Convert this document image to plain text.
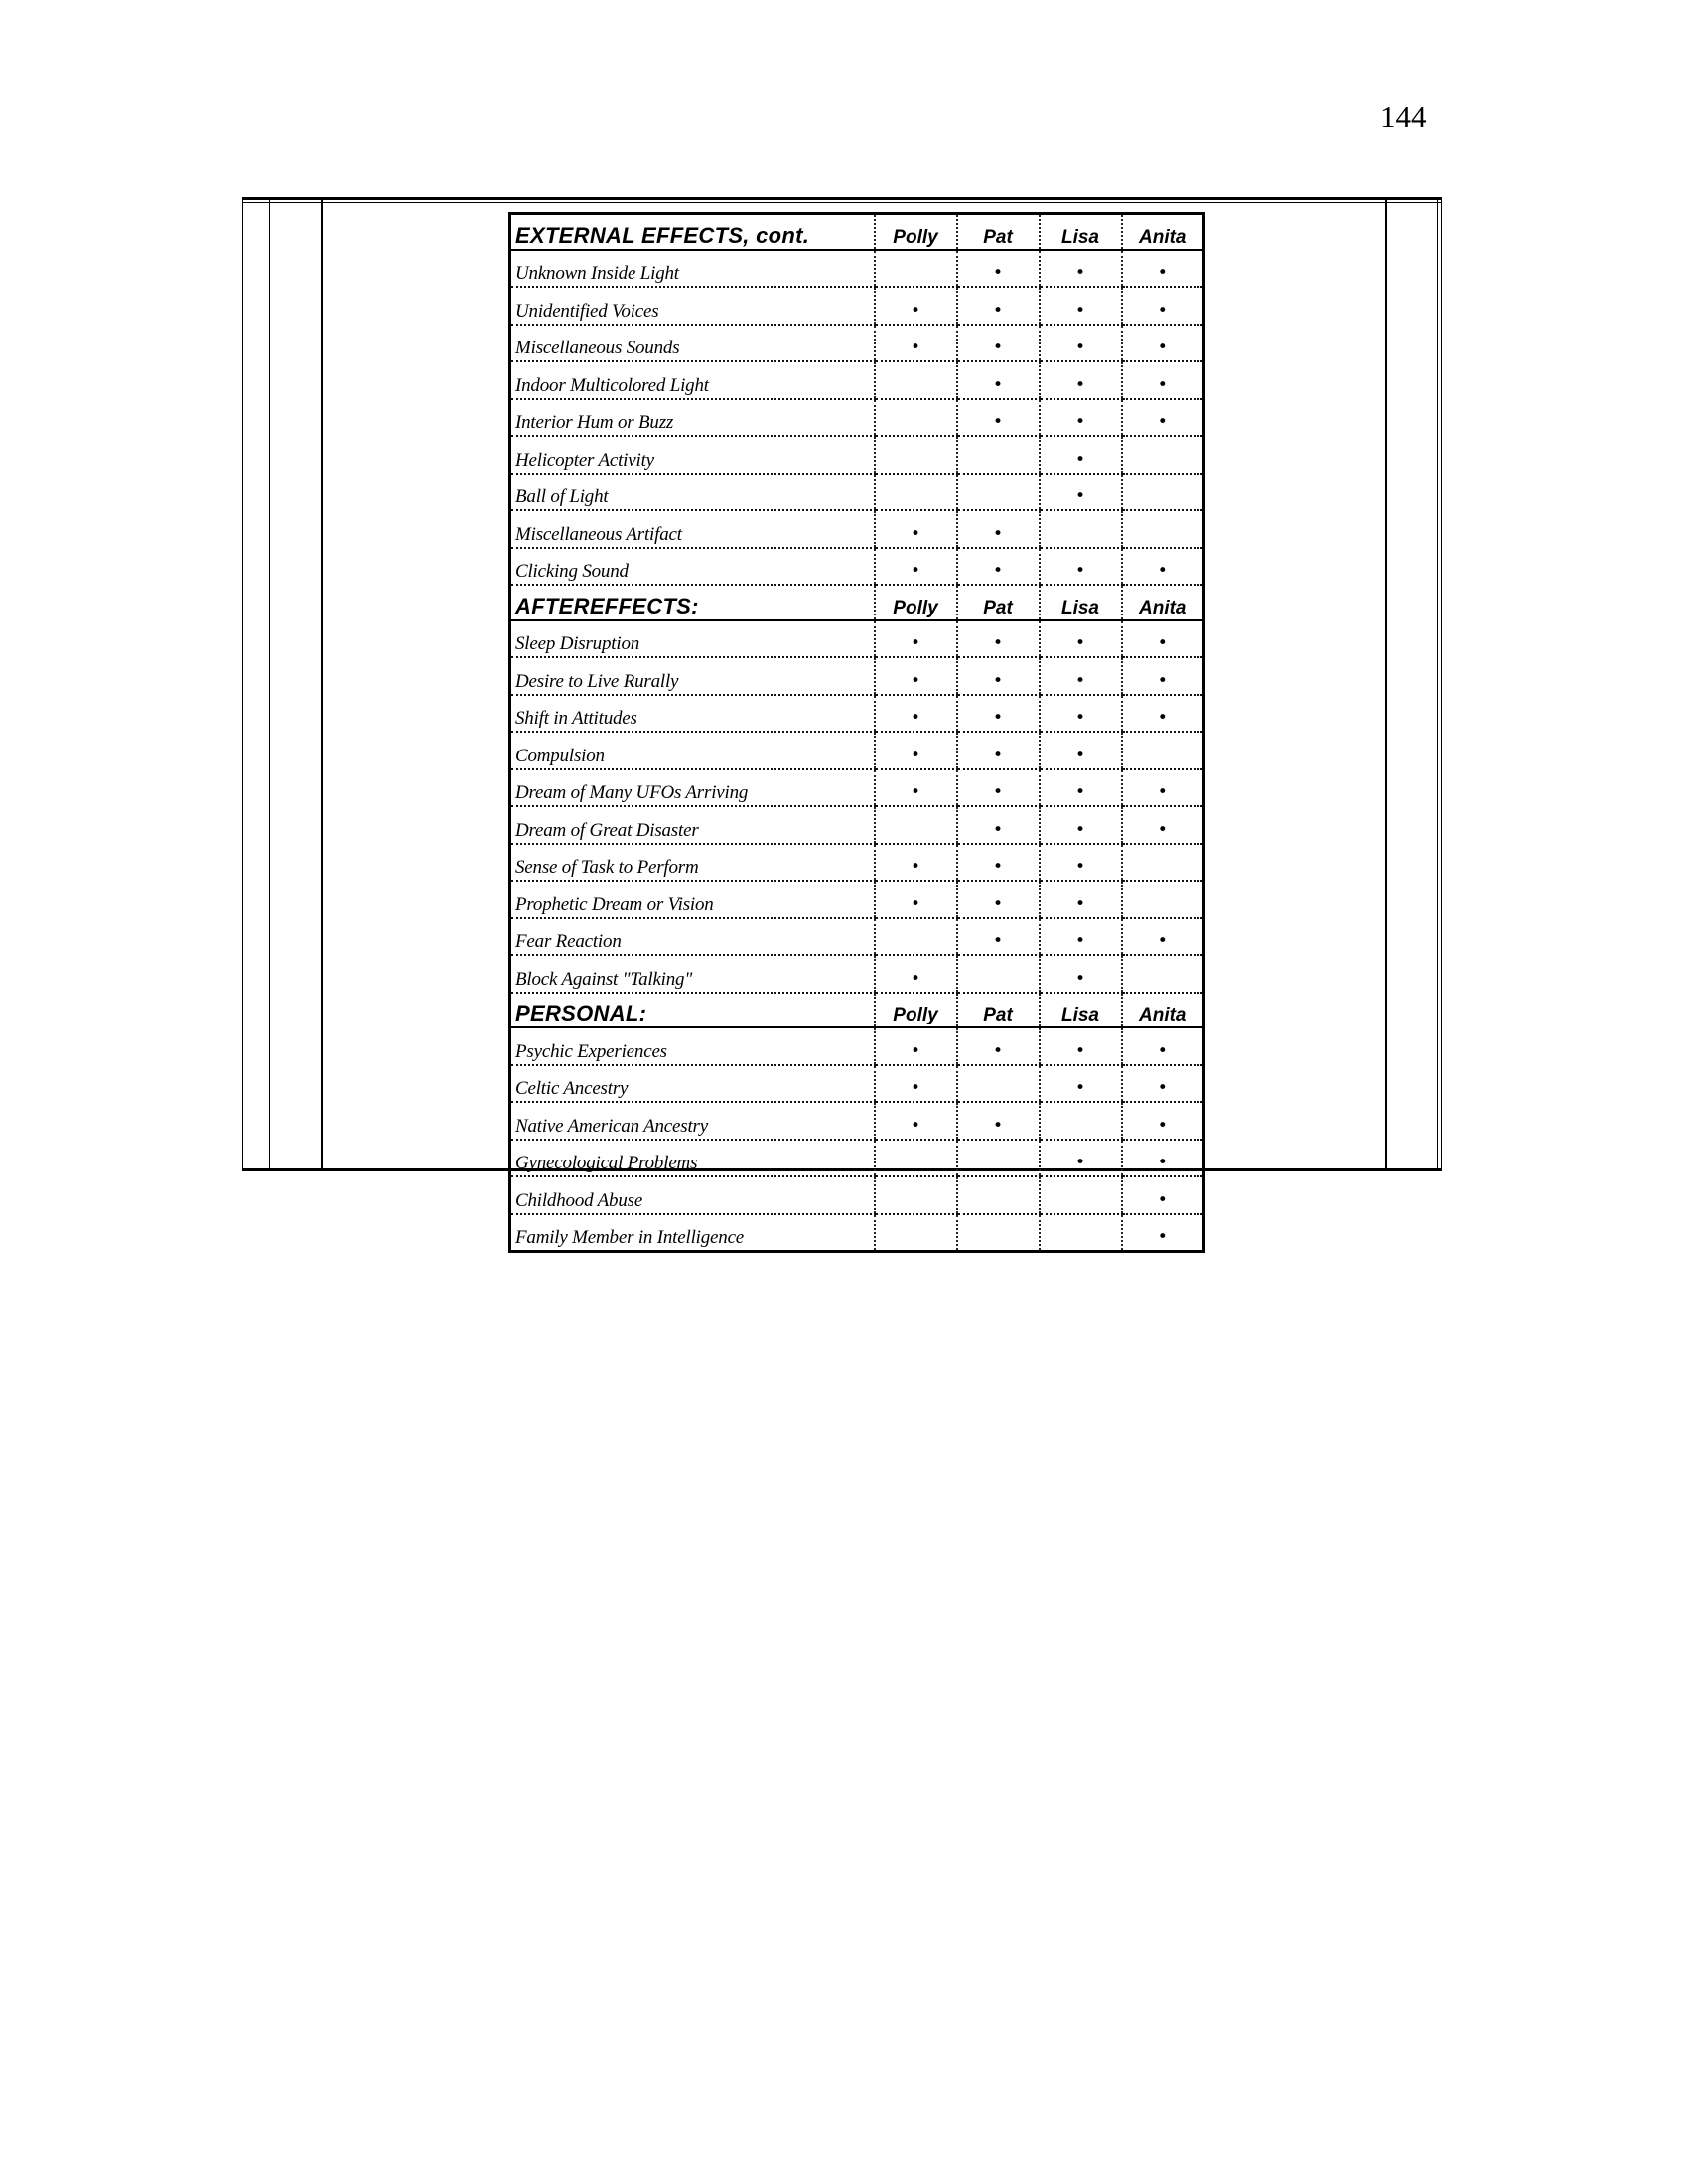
144
EXTERNAL EFFECTS, cont.	Polly	Pat	Lisa	Anita
Unknown Inside Light		•	•	•
Unidentified Voices	•	•	•	•
Miscellaneous Sounds	•	•	•	•
Indoor Multicolored Light		•	•	•
Interior Hum or Buzz		•	•	•
Helicopter Activity			•	
Ball of Light			•	
Miscellaneous Artifact	•	•		
Clicking Sound	•	•	•	•
AFTEREFFECTS:	Polly	Pat	Lisa	Anita
Sleep Disruption	•	•	•	•
Desire to Live Rurally	•	•	•	•
Shift in Attitudes	•	•	•	•
Compulsion	•	•	•	
Dream of Many UFOs Arriving	•	•	•	•
Dream of Great Disaster		•	•	•
Sense of Task to Perform	•	•	•	
Prophetic Dream or Vision	•	•	•	
Fear Reaction		•	•	•
Block Against "Talking"	•		•	
PERSONAL:	Polly	Pat	Lisa	Anita
Psychic Experiences	•	•	•	•
Celtic Ancestry	•		•	•
Native American Ancestry	•	•		•
Gynecological Problems			•	•
Childhood Abuse				•
Family Member in Intelligence				•
